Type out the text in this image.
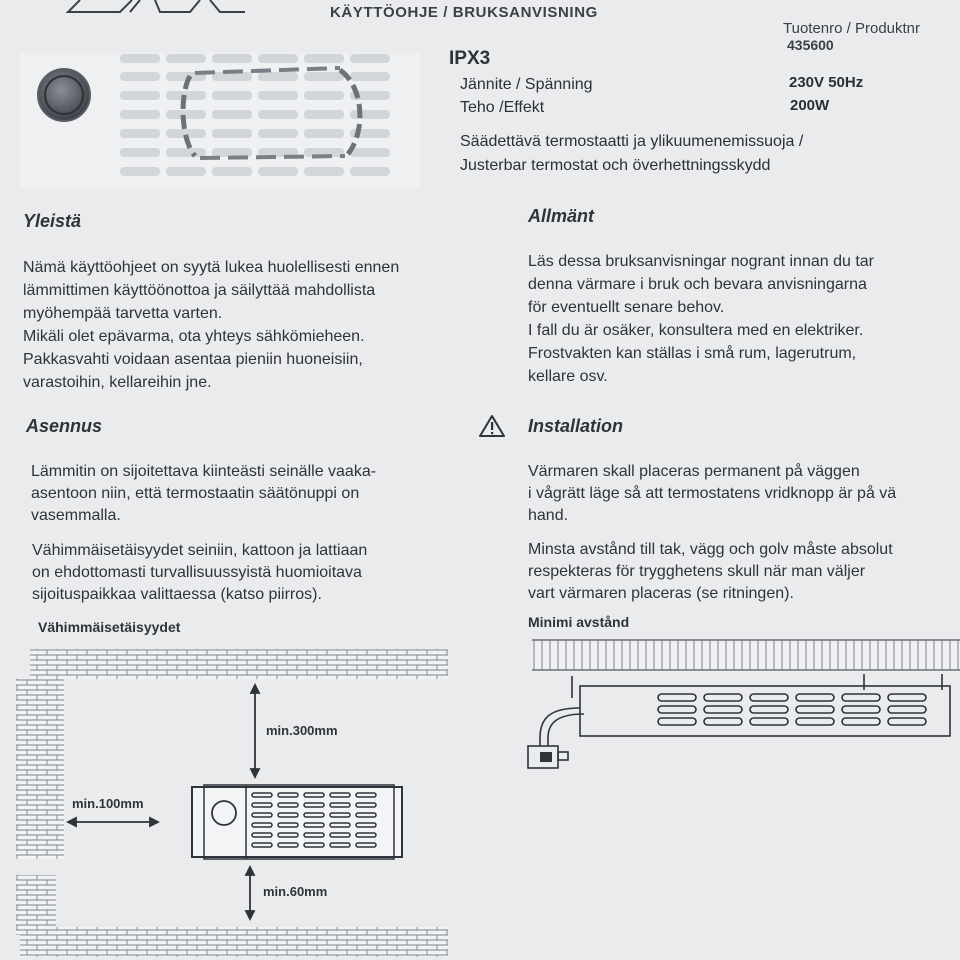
KÄYTTÖOHJE / BRUKSANVISNING
Tuotenro / Produktnr
435600
IPX3
Jännite / Spänning	230V 50Hz
Teho /Effekt	200W
Säädettävä termostaatti ja ylikuumenemissuoja /
Justerbar termostat och överhettningsskydd
Yleistä
Nämä käyttöohjeet on syytä lukea huolellisesti ennen
lämmittimen käyttöönottoa ja säilyttää mahdollista
myöhempää tarvetta varten.
Mikäli olet epävarma, ota yhteys sähkömieheen.
Pakkasvahti voidaan asentaa pieniin huoneisiin,
varastoihin, kellareihin jne.
Allmänt
Läs dessa bruksanvisningar nogrant innan du tar
denna värmare i bruk och bevara anvisningarna
för eventuellt senare behov.
I fall du är osäker, konsultera med en elektriker.
Frostvakten kan ställas i små rum, lagerutrum,
kellare osv.
Asennus	Installation
Lämmitin on sijoitettava kiinteästi seinälle vaaka-
asentoon niin, että termostaatin säätönuppi on
vasemmalla.
Vähimmäisetäisyydet seiniin, kattoon ja lattiaan
on ehdottomasti turvallisuussyistä huomioitava
sijoituspaikkaa valittaessa (katso piirros).
Värmaren skall placeras permanent på väggen
i vågrätt läge så att termostatens vridknopp är på vä
hand.
Minsta avstånd till tak, vägg och golv måste absolut
respekteras för trygghetens skull när man väljer
vart värmaren placeras (se ritningen).
Vähimmäisetäisyydet	Minimi avstånd
min.300mm
min.100mm
min.60mm
